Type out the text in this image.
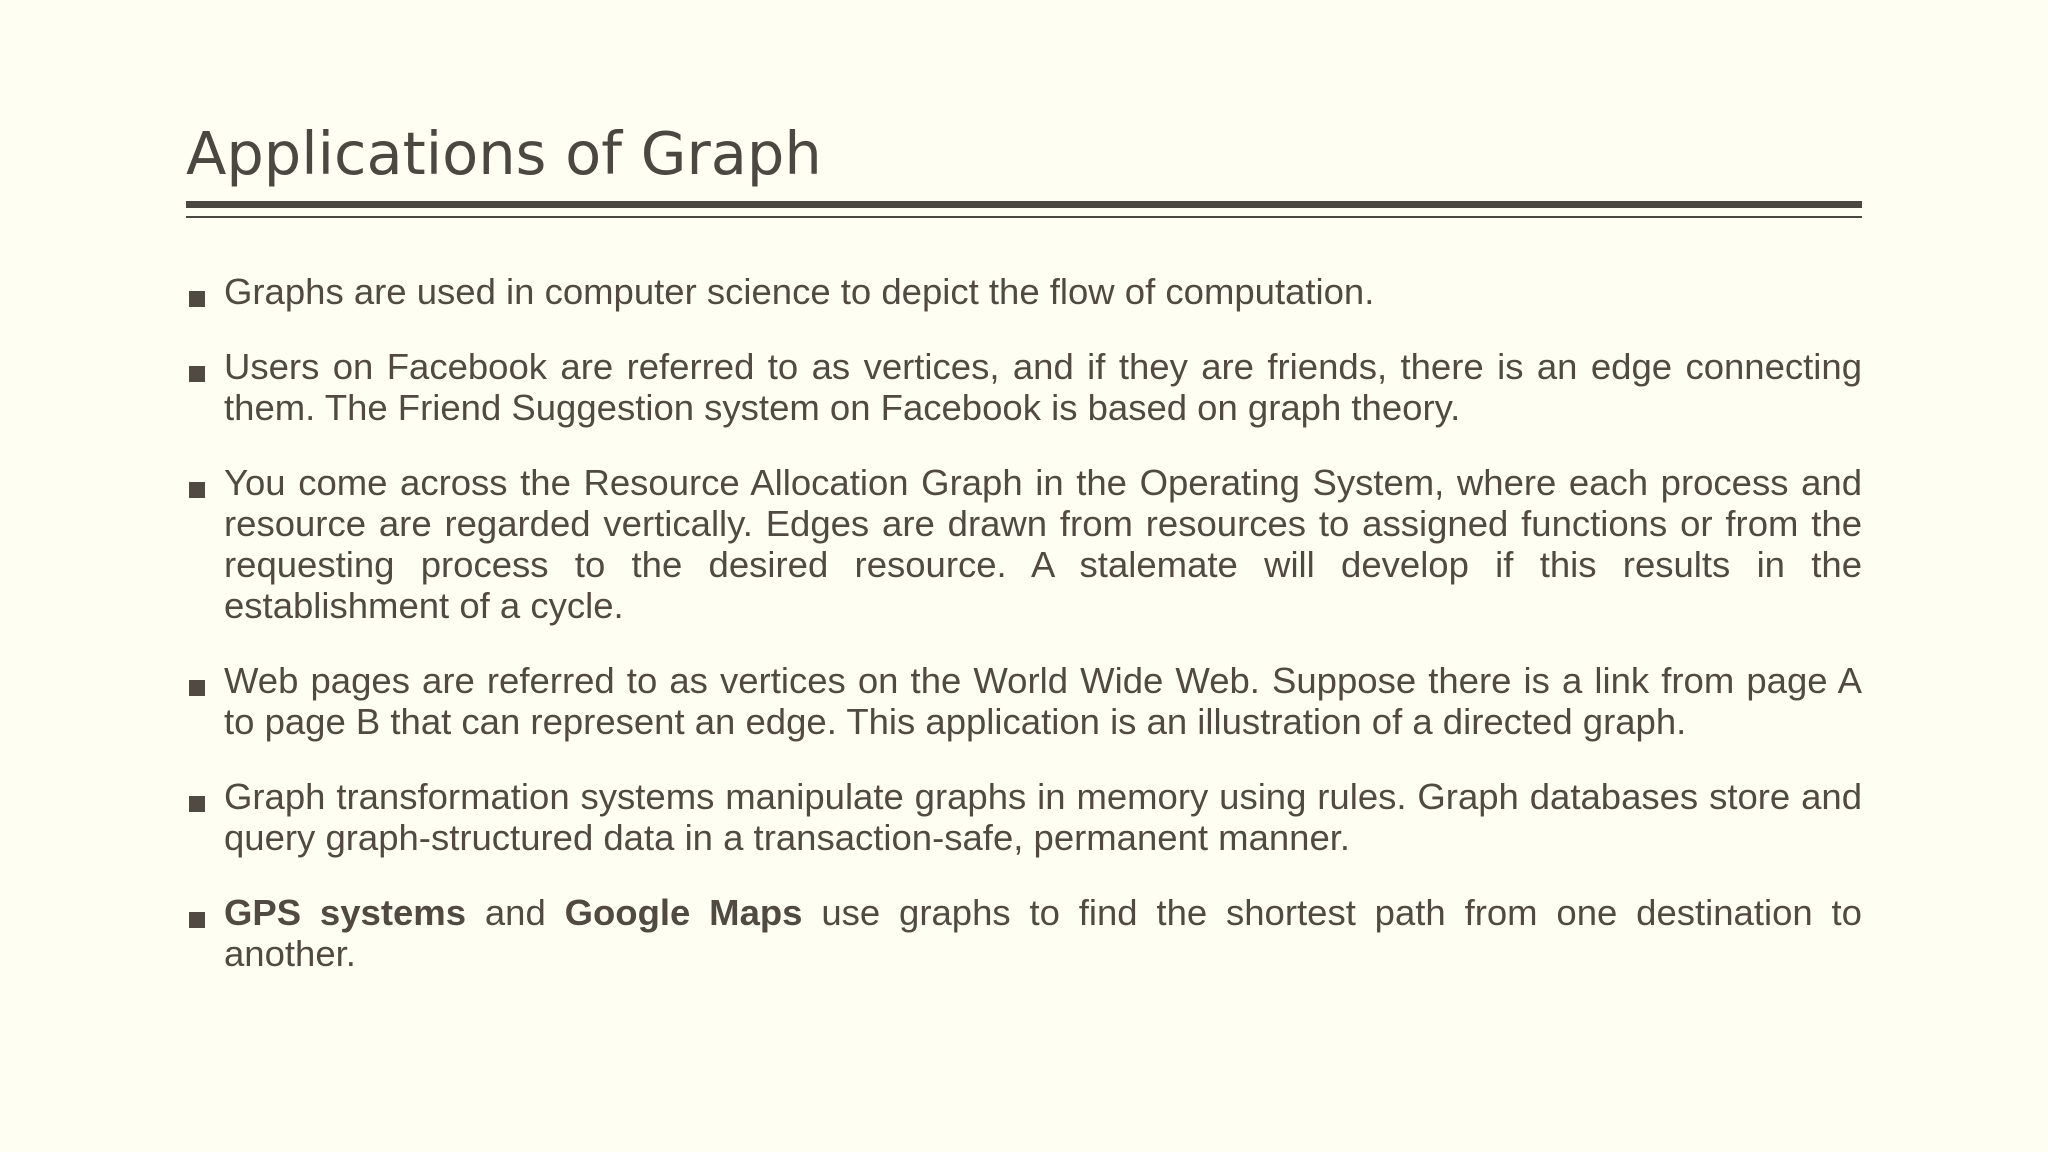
Applications of Graph
Graphs are used in computer science to depict the flow of computation.
Users on Facebook are referred to as vertices, and if they are friends, there is an edge connecting them. The Friend Suggestion system on Facebook is based on graph theory.
You come across the Resource Allocation Graph in the Operating System, where each process and resource are regarded vertically. Edges are drawn from resources to assigned functions or from the requesting process to the desired resource. A stalemate will develop if this results in the establishment of a cycle.
Web pages are referred to as vertices on the World Wide Web. Suppose there is a link from page A to page B that can represent an edge. This application is an illustration of a directed graph.
Graph transformation systems manipulate graphs in memory using rules. Graph databases store and query graph-structured data in a transaction-safe, permanent manner.
GPS systems and Google Maps use graphs to find the shortest path from one destination to another.
